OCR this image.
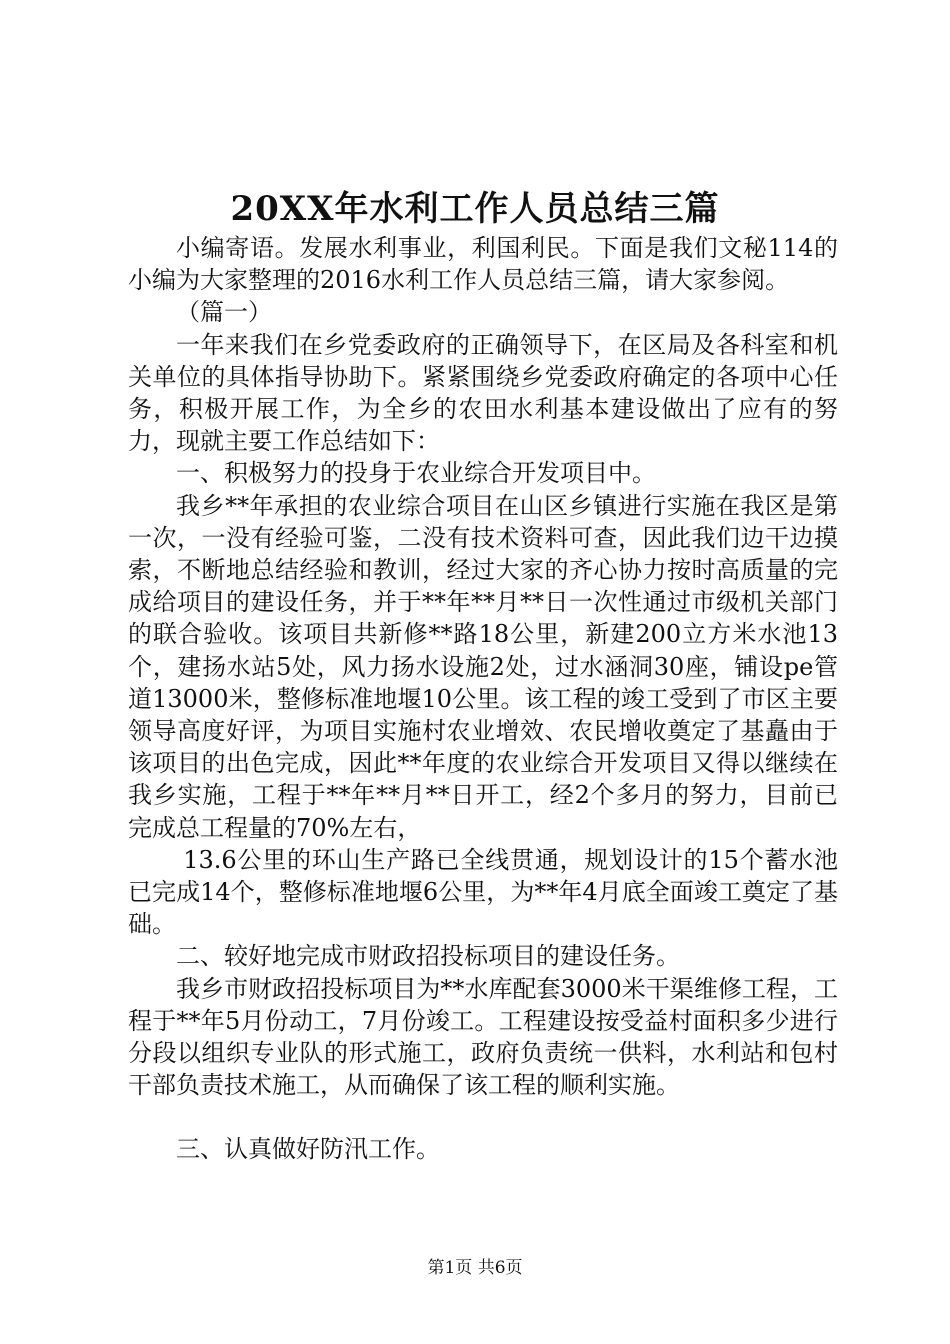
20XX年水利工作人员总结三篇

小编寄语。发展水利事业，利国利民。下面是我们文秘114的小编为大家整理的2016水利工作人员总结三篇，请大家参阅。

（篇一）

一年来我们在乡党委政府的正确领导下，在区局及各科室和机关单位的具体指导协助下。紧紧围绕乡党委政府确定的各项中心任务，积极开展工作，为全乡的农田水利基本建设做出了应有的努力，现就主要工作总结如下：

一、积极努力的投身于农业综合开发项目中。

我乡**年承担的农业综合项目在山区乡镇进行实施在我区是第一次，一没有经验可鉴，二没有技术资料可查，因此我们边干边摸索，不断地总结经验和教训，经过大家的齐心协力按时高质量的完成给项目的建设任务，并于**年**月**日一次性通过市级机关部门的联合验收。该项目共新修**路18公里，新建200立方米水池13个，建扬水站5处，风力扬水设施2处，过水涵洞30座，铺设pe管道13000米，整修标准地堰10公里。该工程的竣工受到了市区主要领导高度好评，为项目实施村农业增效、农民增收奠定了基矗由于该项目的出色完成，因此**年度的农业综合开发项目又得以继续在我乡实施，工程于**年**月**日开工，经2个多月的努力，目前已完成总工程量的70%左右，

13.6公里的环山生产路已全线贯通，规划设计的15个蓄水池已完成14个，整修标准地堰6公里，为**年4月底全面竣工奠定了基础。

二、较好地完成市财政招投标项目的建设任务。

我乡市财政招投标项目为**水库配套3000米干渠维修工程，工程于**年5月份动工，7月份竣工。工程建设按受益村面积多少进行分段以组织专业队的形式施工，政府负责统一供料，水利站和包村干部负责技术施工，从而确保了该工程的顺利实施。

三、认真做好防汛工作。

第1页 共6页
